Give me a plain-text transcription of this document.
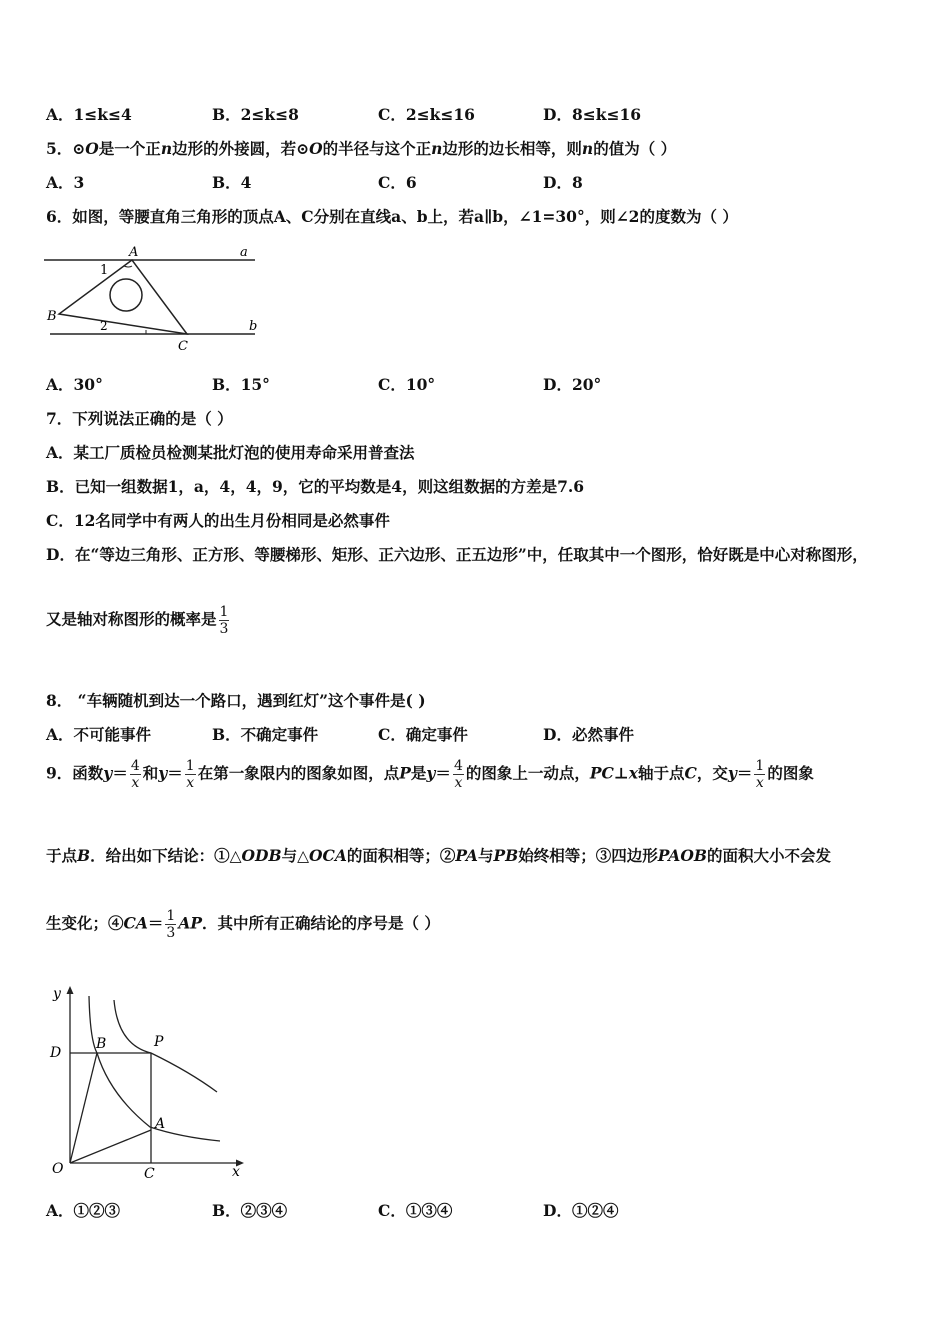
A．1≤k≤4	B．2≤k≤8	C．2≤k≤16	D．8≤k≤16
5．⊙O是一个正n边形的外接圆，若⊙O的半径与这个正n边形的边长相等，则n的值为（ ）
A．3	B．4	C．6	D．8
6．如图，等腰直角三角形的顶点A、C分别在直线a、b上，若a∥b，∠1=30°，则∠2的度数为（ ）
A
B
C
a
b
1
2
A．30°	B．15°	C．10°	D．20°
7．下列说法正确的是（ ）
A．某工厂质检员检测某批灯泡的使用寿命采用普查法
B．已知一组数据1，a，4，4，9，它的平均数是4，则这组数据的方差是7.6
C．12名同学中有两人的出生月份相同是必然事件
D．在“等边三角形、正方形、等腰梯形、矩形、正六边形、正五边形”中，任取其中一个图形，恰好既是中心对称图形，
又是轴对称图形的概率是 $\frac{1}{3}$
8． “车辆随机到达一个路口，遇到红灯”这个事件是( )
A．不可能事件	B．不确定事件	C．确定事件	D．必然事件
9．函数$y= \frac{4}{x}$ 和$y= \frac{1}{x}$ 在第一象限内的图象如图，点P是$y= \frac{4}{x}$ 的图象上一动点，PC⊥x轴于点C，交$y= \frac{1}{x}$ 的图象
于点B．给出如下结论：①△ODB与△OCA的面积相等；②PA与PB始终相等；③四边形PAOB的面积大小不会发
生变化；④CA＝ $\frac{1}{3}$ AP．其中所有正确结论的序号是（ ）
y
x
O
D
B	P
A
C
A．①②③	B．②③④	C．①③④	D．①②④
